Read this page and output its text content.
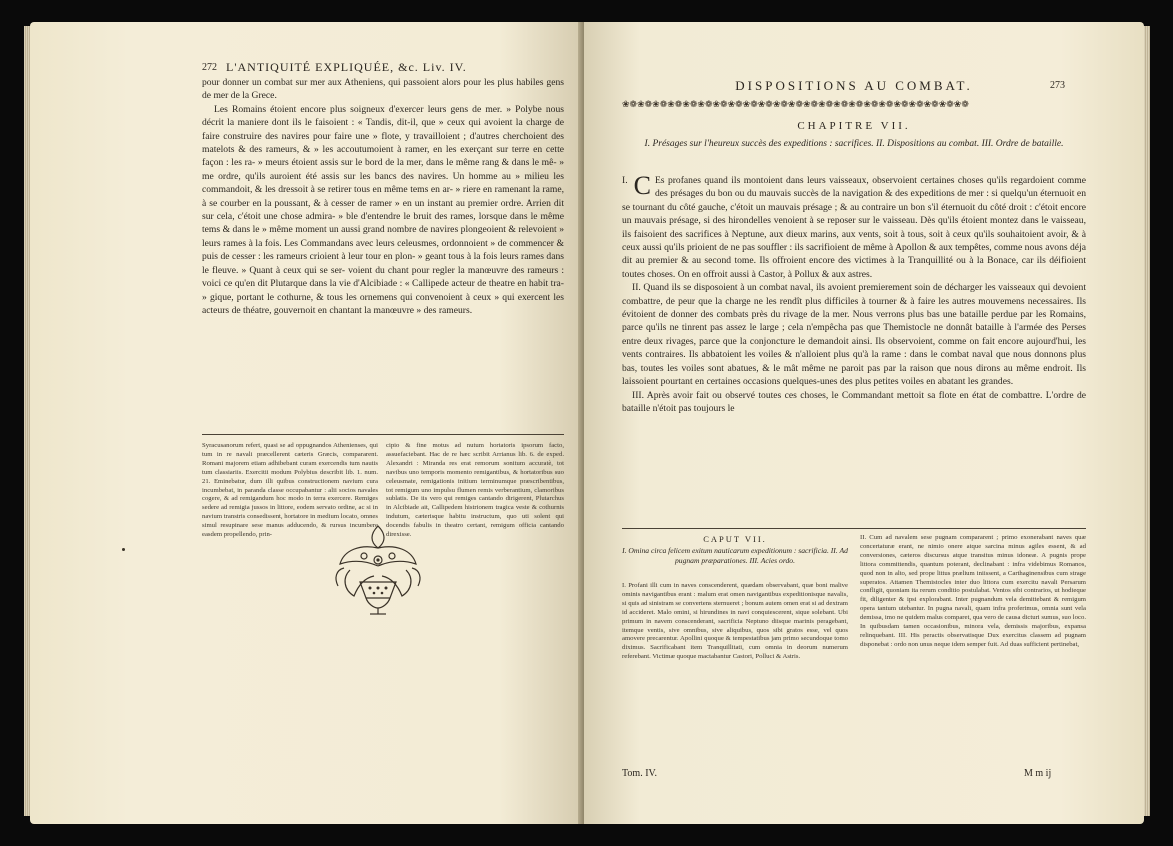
272 L'ANTIQUITÉ EXPLIQUÉE, &c. Liv. IV.

pour donner un combat sur mer aux Atheniens, qui passoient alors pour les plus habiles gens de mer de la Grece.

Les Romains étoient encore plus soigneux d'exercer leurs gens de mer. » Polybe nous décrit la maniere dont ils le faisoient : « Tandis, dit-il, que » ceux qui avoient la charge de faire construire des navires pour faire une » flote, y travailloient ; d'autres cherchoient des matelots & des rameurs, & » les accoutumoient à ramer, en les exerçant sur terre en cette façon : les ra- » meurs étoient assis sur le bord de la mer, dans le même rang & dans le mê- » me ordre, qu'ils auroient été assis sur les bancs des navires. Un homme au » milieu les commandoit, & les dressoit à se retirer tous en même tems en ar- » riere en ramenant la rame, à se courber en la poussant, & à cesser de ramer » en un instant au premier ordre. Arrien dit sur cela, c'étoit une chose admira- » ble d'entendre le bruit des rames, lorsque dans le même tems & dans le » même moment un aussi grand nombre de navires plongeoient & relevoient » leurs rames à la fois. Les Commandans avec leurs celeusmes, ordonnoient » de commencer & puis de cesser : les rameurs crioient à leur tour en plon- » geant tous à la fois leurs rames dans le fleuve. » Quant à ceux qui se ser- voient du chant pour regler la manœuvre des rameurs : voici ce qu'en dit Plutarque dans la vie d'Alcibiade : « Callipede acteur de theatre en habit tra- » gique, portant le cothurne, & tous les ornemens qui convenoient à ceux » qui exercent les acteurs de théatre, gouvernoit en chantant la manœuvre » des rameurs.

Syracusanorum refert, quasi se ad oppugnandos Athenienses, qui tum in re navali præcellerent cæteris Græcis, compararent. Romani majorem etiam adhibebant curam exercendis tum nautis tum classiariis. Exercitii modum Polybius describit lib. 1. num. 21. Eminebatur, dum illi quibus constructionem navium cura incumbebat, in paranda classe occupabantur : alii socios navales cogere, & ad remigandum hoc modo in terra exercere. Remiges sedere ad remigia jussos in littore, eodem servato ordine, ac si in navium transtris consedissent, hortatore in medium locato, omnes simul resupinare sese manus adducendo, & rursus incumbere easdem propellendo, prin-
cipio & fine motus ad nutum hortatoris ipsorum facto, assuefaciebant. Hac de re hæc scribit Arrianus lib. 6. de exped. Alexandri : Miranda res erat remorum sonitum accuratè, tot navibus uno temporis momento remigantibus, & hortatoribus suo celeusmate, remigationis initium terminumque præscribentibus, tot remigum uno impulsu flumen remis verberantium, clamoribus sublatis. De iis vero qui remiges cantando dirigerent, Plutarchus in Alcibiade ait, Callipedem histrionem tragica veste & cothurnis indutum, cæterisque habitu instructum, quo uti solent qui docendis fabulis in theatro certant, remigum officia cantando direxisse.
DISPOSITIONS AU COMBAT.	273
❀❁❀❁❀❁❀❁❀❁❀❁❀❁❀❁❀❁❀❁❀❁❀❁❀❁❀❁❀❁❀❁❀❁❀❁❀❁❀❁❀❁❀❁❀❁
CHAPITRE VII.
I. Présages sur l'heureux succès des expeditions : sacrifices. II. Dispositions au combat. III. Ordre de bataille.

I. C Es profanes quand ils montoient dans leurs vaisseaux, observoient certaines choses qu'ils regardoient comme des présages du bon ou du mauvais succès de la navigation & des expeditions de mer : si quelqu'un éternuoit en se tournant du côté gauche, c'étoit un mauvais présage ; & au contraire un bon s'il éternuoit du côté droit : c'étoit encore un mauvais présage, si des hirondelles venoient à se reposer sur le vaisseau. Dès qu'ils étoient montez dans le vaisseau, ils faisoient des sacrifices à Neptune, aux dieux marins, aux vents, soit à tous, soit à ceux qu'ils souhaitoient avoir, & à ceux aussi qu'ils prioient de ne pas souffler : ils sacrifioient de même à Apollon & aux tempêtes, comme nous avons déja dit au premier & au second tome. Ils offroient encore des victimes à la Tranquillité ou à la Bonace, car ils déifioient toutes choses. On en offroit aussi à Castor, à Pollux & aux astres.

II. Quand ils se disposoient à un combat naval, ils avoient premierement soin de décharger les vaisseaux qui devoient combattre, de peur que la charge ne les rendît plus difficiles à tourner & à faire les autres mouvemens necessaires. Ils évitoient de donner des combats près du rivage de la mer. Nous verrons plus bas une bataille perdue par les Romains, parce qu'ils ne tinrent pas assez le large ; cela n'empêcha pas que Themistocle ne donnât bataille à l'armée des Perses entre deux rivages, parce que la conjoncture le demandoit ainsi. Ils observoient, comme on fait encore aujourd'hui, les vents contraires. Ils abbatoient les voiles & n'alloient plus qu'à la rame : dans le combat naval que nous donnons plus bas, toutes les voiles sont abatues, & le mât même ne paroit pas par la raison que nous dirons au même endroit. Ils laissoient pourtant en certaines occasions quelques-unes des plus petites voiles en abatant les grandes.

III. Après avoir fait ou observé toutes ces choses, le Commandant mettoit sa flote en état de combattre. L'ordre de bataille n'étoit pas toujours le

CAPUT VII.
I. Omina circa felicem exitum nauticarum expeditionum : sacrificia. II. Ad pugnam præparationes. III. Acies ordo.
I. Profani illi cum in naves conscenderent, quædam observabant, quæ boni malive ominis navigantibus erant : malum erat omen navigantibus expeditionisque navalis, si quis ad sinistram se convertens sternueret ; bonum autem omen erat si ad dextram id accideret. Malo omini, si hirundines in navi conquiescerent, sique solebant. Ubi primum in navem conscenderant, sacrificia Neptuno diisque marinis peragebant, itemque ventis, sive omnibus, sive aliquibus, quos sibi gratos esse, vel quos amovere precarentur. Apollini quoque & tempestatibus jam primo secundoque tomo diximus. Sacrificabant item Tranquillitati, cum omnia in deorum numerum referebant. Victimæ quoque mactabantur Castori, Polluci & Astris.
II. Cum ad navalem sese pugnam compararent ; primo exonerabant naves quæ concertaturæ erant, ne nimio onere atque sarcina minus agiles essent, & ad conversiones, cæteros discursus atque transitus minus idoneæ. A pugnis prope littora committendis, quantum poterant, declinabant : infra videbimus Romanos, quod non in alto, sed prope littus prælium iniissent, a Carthaginensibus cum strage superatos. Attamen Themistocles inter duo littora cum exercitu navali Persarum confligit, quoniam ita rerum conditio postulabat. Ventos sibi contrarios, ut hodieque fit, diligenter & ipsi explorabant. Inter pugnandum vela demittebant & remigum opera tantum utebantur. In pugna navali, quam infra proferimus, omnia sunt vela demissa, imo ne quidem malus comparet, qua vero de causa dicturi sumus, suo loco. In quibusdam tamen occasionibus, minora vela, demissis majoribus, expansa relinquebant. III. His peractis observatisque Dux exercitus classem ad pugnam disponebat : ordo non unus neque idem semper fuit. Ad duas sufficient pertinebat,
Tom. IV.	M m ij
